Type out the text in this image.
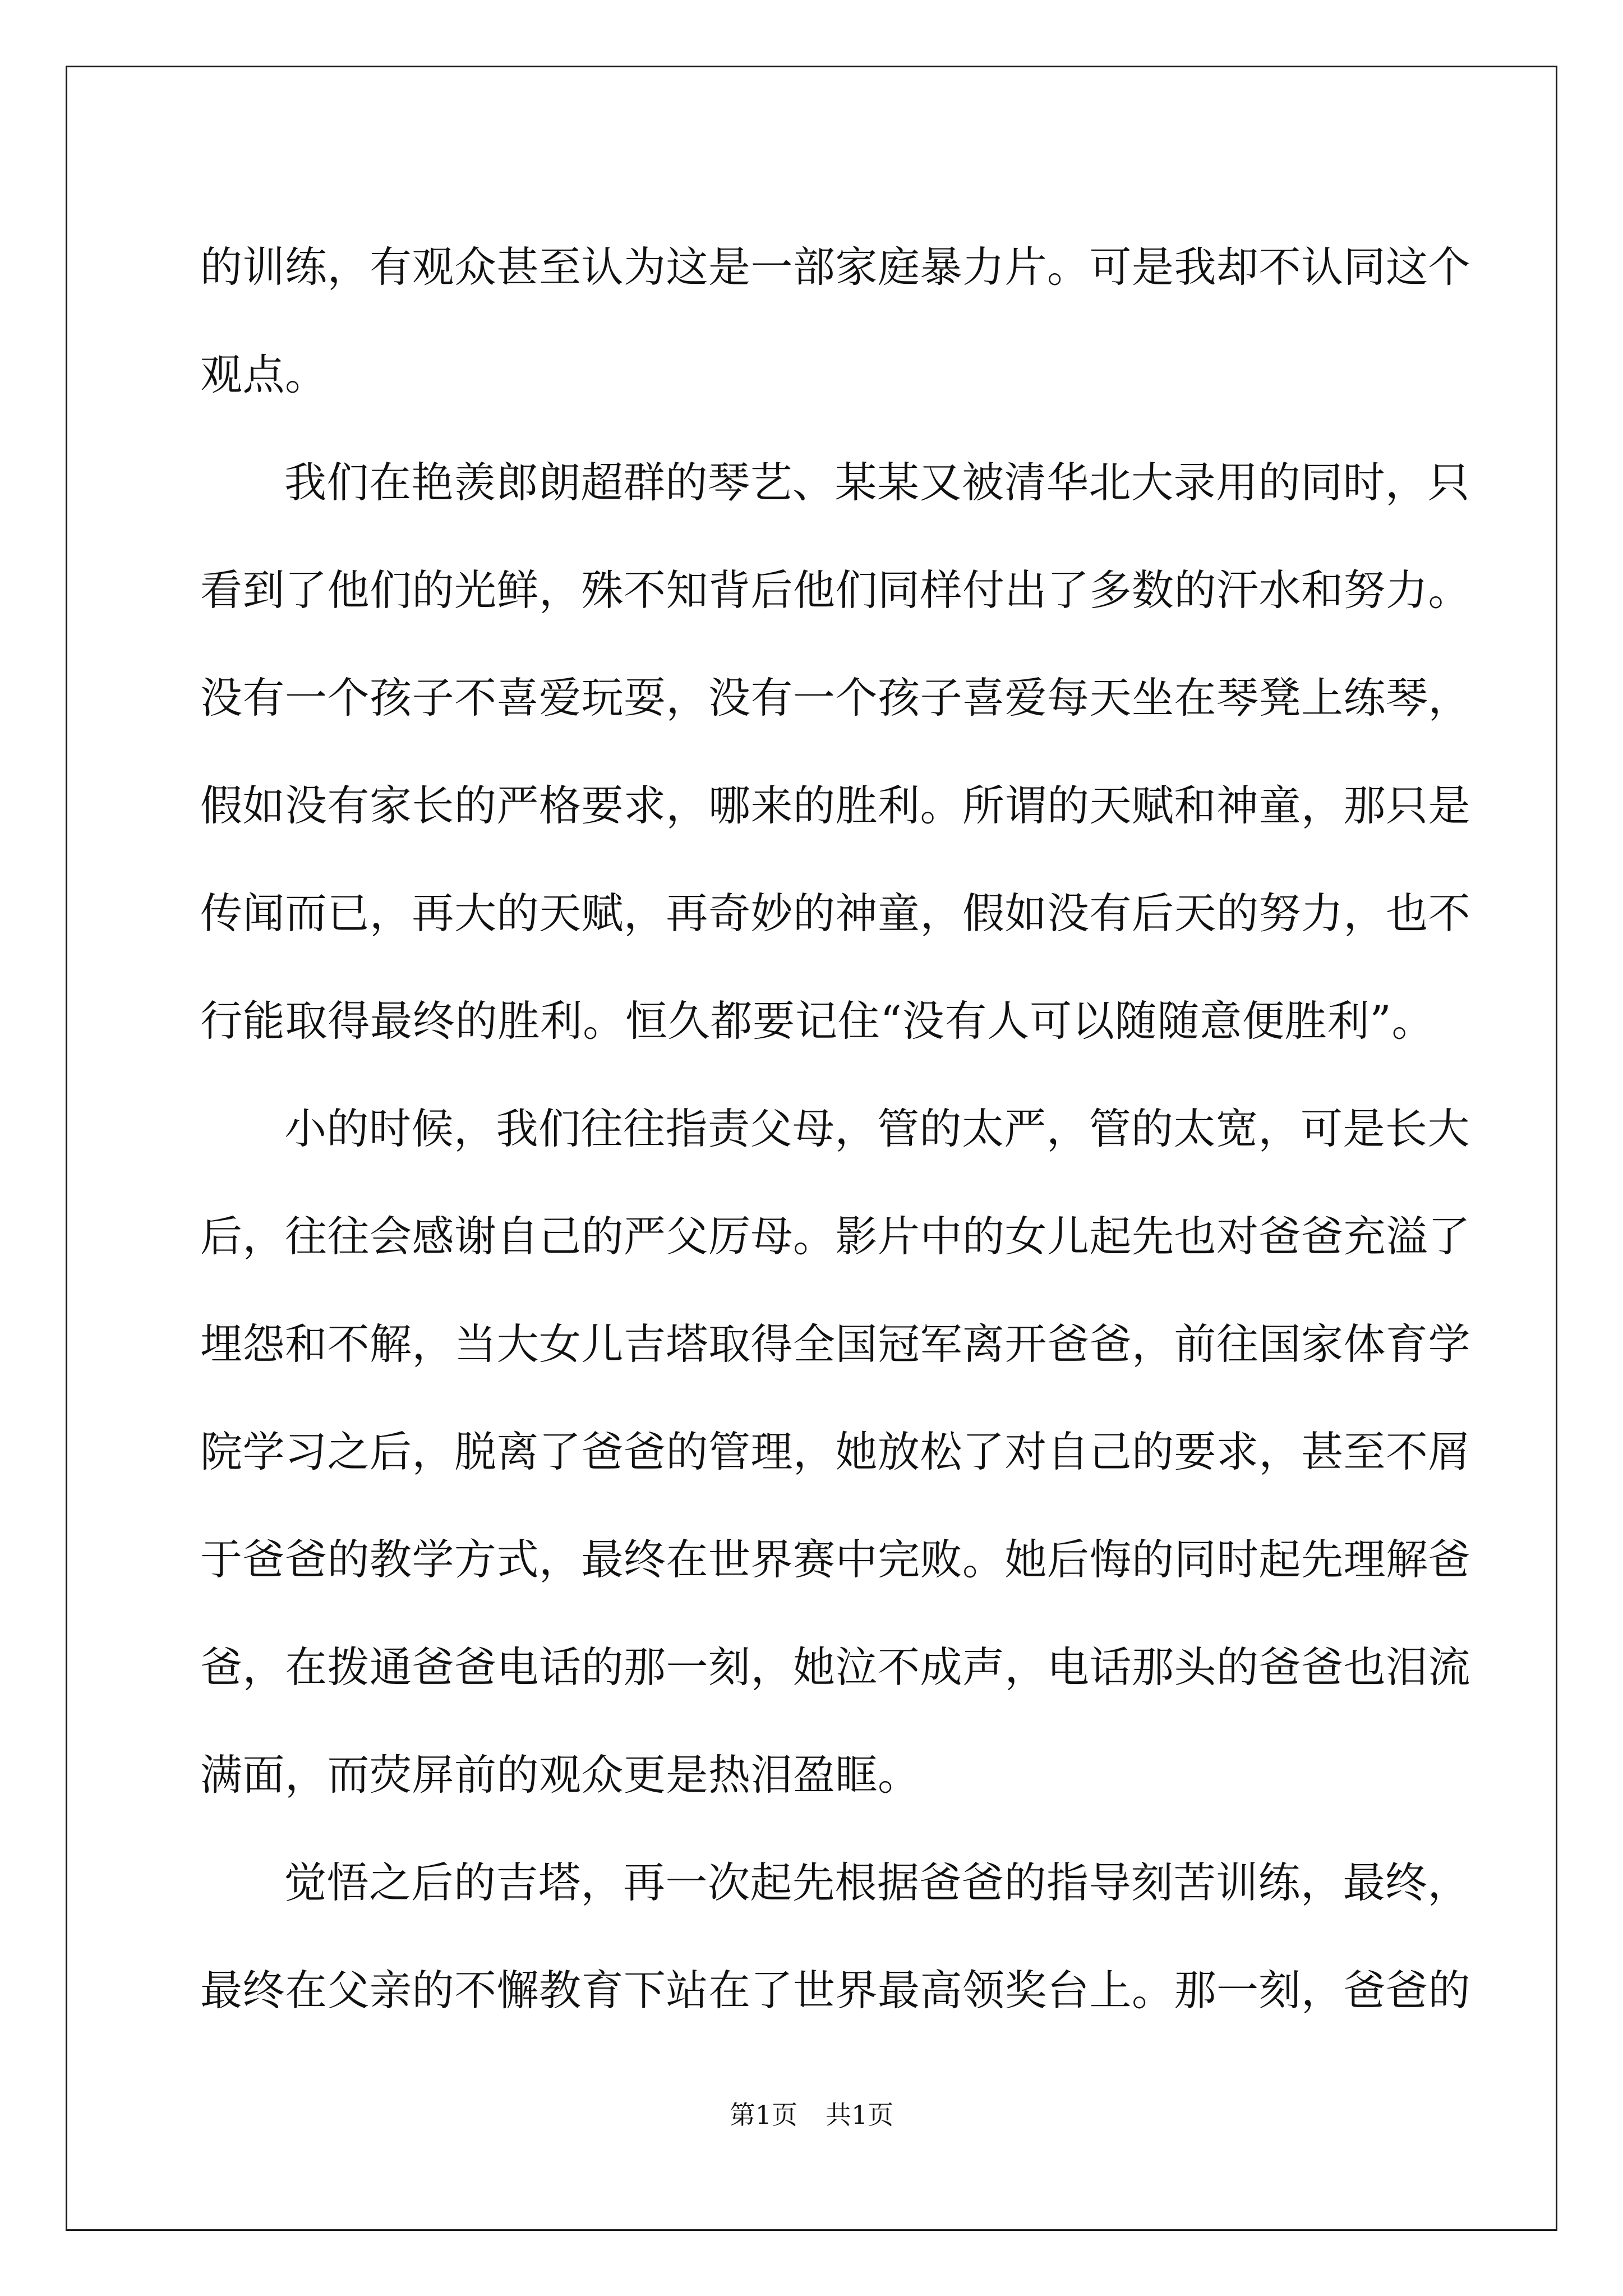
的训练，有观众甚至认为这是一部家庭暴力片。可是我却不认同这个
观点。
我们在艳羡郎朗超群的琴艺、某某又被清华北大录用的同时，只
看到了他们的光鲜，殊不知背后他们同样付出了多数的汗水和努力。
没有一个孩子不喜爱玩耍，没有一个孩子喜爱每天坐在琴凳上练琴，
假如没有家长的严格要求，哪来的胜利。所谓的天赋和神童，那只是
传闻而已，再大的天赋，再奇妙的神童，假如没有后天的努力，也不
行能取得最终的胜利。恒久都要记住“没有人可以随随意便胜利”。
小的时候，我们往往指责父母，管的太严，管的太宽，可是长大
后，往往会感谢自己的严父厉母。影片中的女儿起先也对爸爸充溢了
埋怨和不解，当大女儿吉塔取得全国冠军离开爸爸，前往国家体育学
院学习之后，脱离了爸爸的管理，她放松了对自己的要求，甚至不屑
于爸爸的教学方式，最终在世界赛中完败。她后悔的同时起先理解爸
爸，在拨通爸爸电话的那一刻，她泣不成声，电话那头的爸爸也泪流
满面，而荧屏前的观众更是热泪盈眶。
觉悟之后的吉塔，再一次起先根据爸爸的指导刻苦训练，最终，
最终在父亲的不懈教育下站在了世界最高领奖台上。那一刻，爸爸的
第1页 共1页
